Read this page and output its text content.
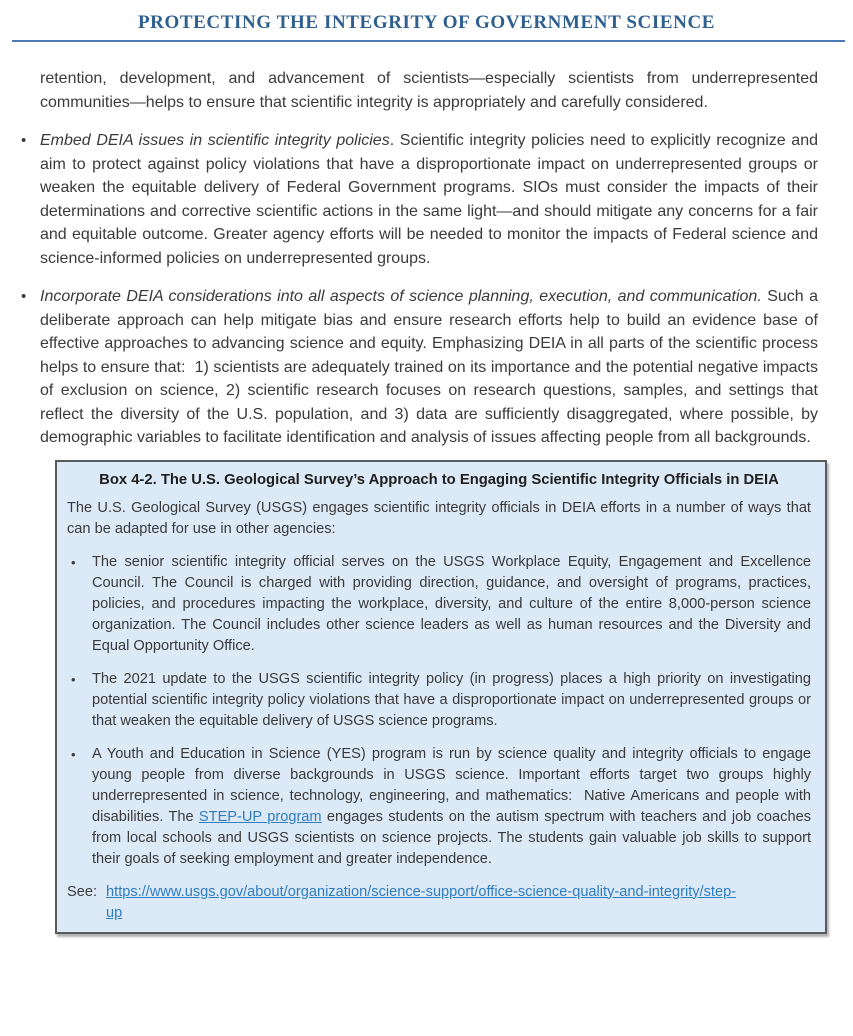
PROTECTING THE INTEGRITY OF GOVERNMENT SCIENCE

retention, development, and advancement of scientists—especially scientists from underrepresented communities—helps to ensure that scientific integrity is appropriately and carefully considered.

• Embed DEIA issues in scientific integrity policies. Scientific integrity policies need to explicitly recognize and aim to protect against policy violations that have a disproportionate impact on underrepresented groups or weaken the equitable delivery of Federal Government programs. SIOs must consider the impacts of their determinations and corrective scientific actions in the same light—and should mitigate any concerns for a fair and equitable outcome. Greater agency efforts will be needed to monitor the impacts of Federal science and science-informed policies on underrepresented groups.

• Incorporate DEIA considerations into all aspects of science planning, execution, and communication. Such a deliberate approach can help mitigate bias and ensure research efforts help to build an evidence base of effective approaches to advancing science and equity. Emphasizing DEIA in all parts of the scientific process helps to ensure that:  1) scientists are adequately trained on its importance and the potential negative impacts of exclusion on science, 2) scientific research focuses on research questions, samples, and settings that reflect the diversity of the U.S. population, and 3) data are sufficiently disaggregated, where possible, by demographic variables to facilitate identification and analysis of issues affecting people from all backgrounds.

Box 4-2. The U.S. Geological Survey’s Approach to Engaging Scientific Integrity Officials in DEIA

The U.S. Geological Survey (USGS) engages scientific integrity officials in DEIA efforts in a number of ways that can be adapted for use in other agencies:

• The senior scientific integrity official serves on the USGS Workplace Equity, Engagement and Excellence Council. The Council is charged with providing direction, guidance, and oversight of programs, practices, policies, and procedures impacting the workplace, diversity, and culture of the entire 8,000-person science organization. The Council includes other science leaders as well as human resources and the Diversity and Equal Opportunity Office.

• The 2021 update to the USGS scientific integrity policy (in progress) places a high priority on investigating potential scientific integrity policy violations that have a disproportionate impact on underrepresented groups or that weaken the equitable delivery of USGS science programs.

• A Youth and Education in Science (YES) program is run by science quality and integrity officials to engage young people from diverse backgrounds in USGS science. Important efforts target two groups highly underrepresented in science, technology, engineering, and mathematics:  Native Americans and people with disabilities. The STEP-UP program engages students on the autism spectrum with teachers and job coaches from local schools and USGS scientists on science projects. The students gain valuable job skills to support their goals of seeking employment and greater independence.

See: https://www.usgs.gov/about/organization/science-support/office-science-quality-and-integrity/step-up
